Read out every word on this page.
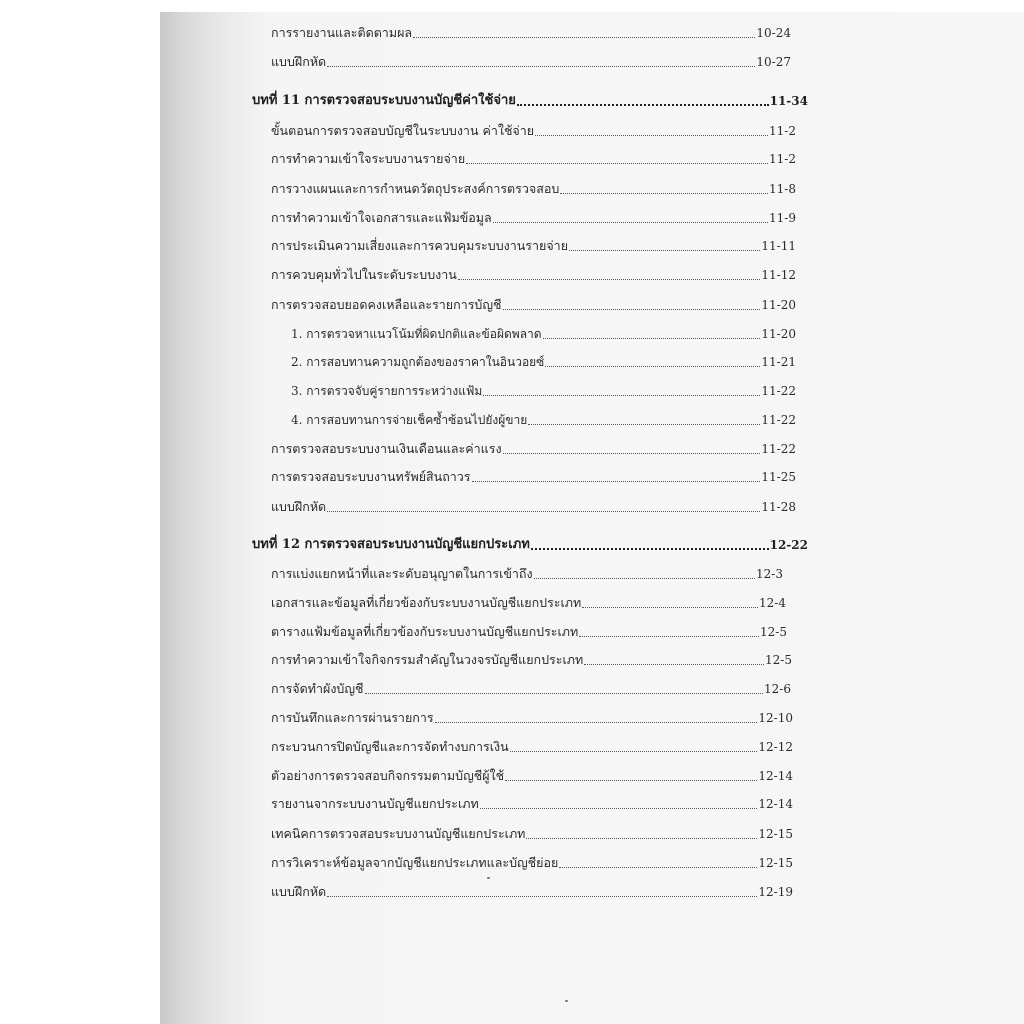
การรายงานและติดตามผล	10-24
แบบฝึกหัด	10-27
บทที่ 11 การตรวจสอบระบบงานบัญชีค่าใช้จ่าย	11-34
ขั้นตอนการตรวจสอบบัญชีในระบบงาน ค่าใช้จ่าย	11-2
การทำความเข้าใจระบบงานรายจ่าย	11-2
การวางแผนและการกำหนดวัตถุประสงค์การตรวจสอบ	11-8
การทำความเข้าใจเอกสารและแฟ้มข้อมูล	11-9
การประเมินความเสี่ยงและการควบคุมระบบงานรายจ่าย	11-11
การควบคุมทั่วไปในระดับระบบงาน	11-12
การตรวจสอบยอดคงเหลือและรายการบัญชี	11-20
1. การตรวจหาแนวโน้มที่ผิดปกติและข้อผิดพลาด	11-20
2. การสอบทานความถูกต้องของราคาในอินวอยซ์	11-21
3. การตรวจจับคู่รายการระหว่างแฟ้ม	11-22
4. การสอบทานการจ่ายเช็คซ้ำซ้อนไปยังผู้ขาย	11-22
การตรวจสอบระบบงานเงินเดือนและค่าแรง	11-22
การตรวจสอบระบบงานทรัพย์สินถาวร	11-25
แบบฝึกหัด	11-28
บทที่ 12 การตรวจสอบระบบงานบัญชีแยกประเภท	12-22
การแบ่งแยกหน้าที่และระดับอนุญาตในการเข้าถึง	12-3
เอกสารและข้อมูลที่เกี่ยวข้องกับระบบงานบัญชีแยกประเภท	12-4
ตารางแฟ้มข้อมูลที่เกี่ยวข้องกับระบบงานบัญชีแยกประเภท	12-5
การทำความเข้าใจกิจกรรมสำคัญในวงจรบัญชีแยกประเภท	12-5
การจัดทำผังบัญชี	12-6
การบันทึกและการผ่านรายการ	12-10
กระบวนการปิดบัญชีและการจัดทำงบการเงิน	12-12
ตัวอย่างการตรวจสอบกิจกรรมตามบัญชีผู้ใช้	12-14
รายงานจากระบบงานบัญชีแยกประเภท	12-14
เทคนิคการตรวจสอบระบบงานบัญชีแยกประเภท	12-15
การวิเคราะห์ข้อมูลจากบัญชีแยกประเภทและบัญชีย่อย	12-15
แบบฝึกหัด	12-19
